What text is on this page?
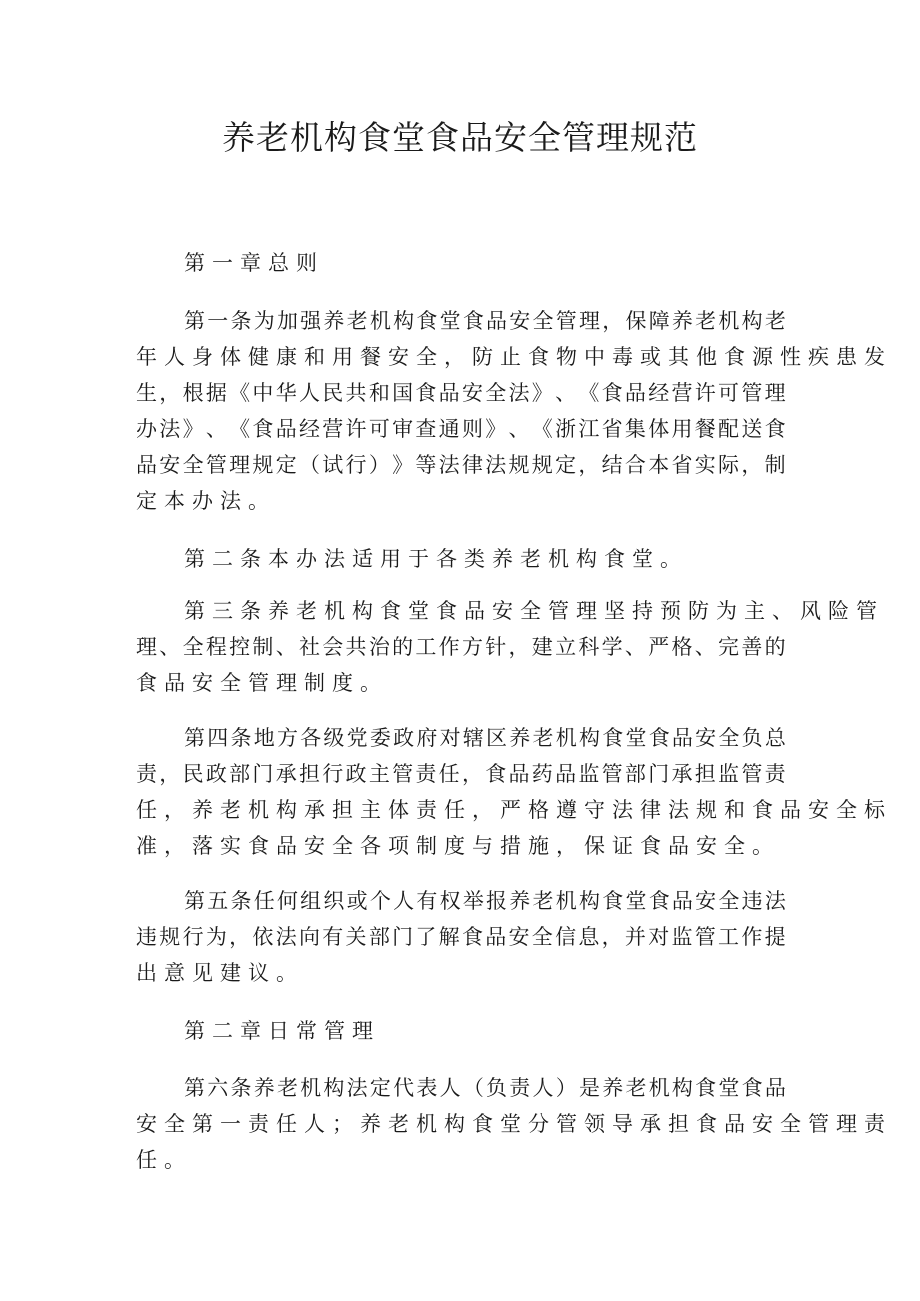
养老机构食堂食品安全管理规范
第一章总则
第 一 条 为 加 强 养 老 机 构 食 堂 食 品 安 全 管 理 ， 保 障 养 老 机 构 老
年人身体健康和用餐安全，防止食物中毒或其他食源性疾患发
生 ， 根 据 《 中 华 人 民 共 和 国 食 品 安 全 法 》 、 《 食 品 经 营 许 可 管 理
办 法 》 、 《 食 品 经 营 许 可 审 查 通 则 》 、 《 浙 江 省 集 体 用 餐 配 送 食
品 安 全 管 理 规 定 （ 试 行 ） 》 等 法 律 法 规 规 定 ， 结 合 本 省 实 际 ， 制
定本办法。
第二条本办法适用于各类养老机构食堂。
第三条养老机构食堂食品安全管理坚持预防为主、风险管
理 、 全 程 控 制 、 社 会 共 治 的 工 作 方 针 ， 建 立 科 学 、 严 格 、 完 善 的
食品安全管理制度。
第 四 条 地 方 各 级 党 委 政 府 对 辖 区 养 老 机 构 食 堂 食 品 安 全 负 总
责 ， 民 政 部 门 承 担 行 政 主 管 责 任 ， 食 品 药 品 监 管 部 门 承 担 监 管 责
任，养老机构承担主体责任，严格遵守法律法规和食品安全标
准，落实食品安全各项制度与措施，保证食品安全。
第 五 条 任 何 组 织 或 个 人 有 权 举 报 养 老 机 构 食 堂 食 品 安 全 违 法
违 规 行 为 ， 依 法 向 有 关 部 门 了 解 食 品 安 全 信 息 ， 并 对 监 管 工 作 提
出意见建议。
第二章日常管理
第 六 条 养 老 机 构 法 定 代 表 人 （ 负 责 人 ） 是 养 老 机 构 食 堂 食 品
安全第一责任人；养老机构食堂分管领导承担食品安全管理责
任。
